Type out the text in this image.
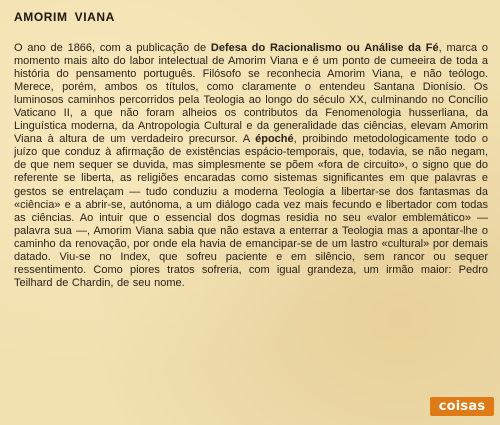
AMORIM VIANA

O ano de 1866, com a publicação de Defesa do Racionalismo ou Análise da Fé, marca o momento mais alto do labor intelectual de Amorim Viana e é um ponto de cumeeira de toda a história do pensamento português. Filósofo se reconhecia Amorim Viana, e não teólogo. Merece, porém, ambos os títulos, como claramente o entendeu Santana Dionísio. Os luminosos caminhos percorridos pela Teologia ao longo do século XX, culminando no Concílio Vaticano II, a que não foram alheios os contributos da Fenomenologia husserliana, da Linguística moderna, da Antropologia Cultural e da generalidade das ciências, elevam Amorim Viana à altura de um verdadeiro precursor. A époché, proibindo metodologicamente todo o juízo que conduz à afirmação de existências espácio-temporais, que, todavia, se não negam, de que nem sequer se duvida, mas simplesmente se põem «fora de circuito», o signo que do referente se liberta, as religiões encaradas como sistemas significantes em que palavras e gestos se entrelaçam — tudo conduziu a moderna Teologia a libertar-se dos fantasmas da «ciência» e a abrir-se, autónoma, a um diálogo cada vez mais fecundo e libertador com todas as ciências. Ao intuir que o essencial dos dogmas residia no seu «valor emblemático» — palavra sua —, Amorim Viana sabia que não estava a enterrar a Teologia mas a apontar-lhe o caminho da renovação, por onde ela havia de emancipar-se de um lastro «cultural» por demais datado. Viu-se no Index, que sofreu paciente e em silêncio, sem rancor ou sequer ressentimento. Como piores tratos sofreria, com igual grandeza, um irmão maior: Pedro Teilhard de Chardin, de seu nome.

coisas
